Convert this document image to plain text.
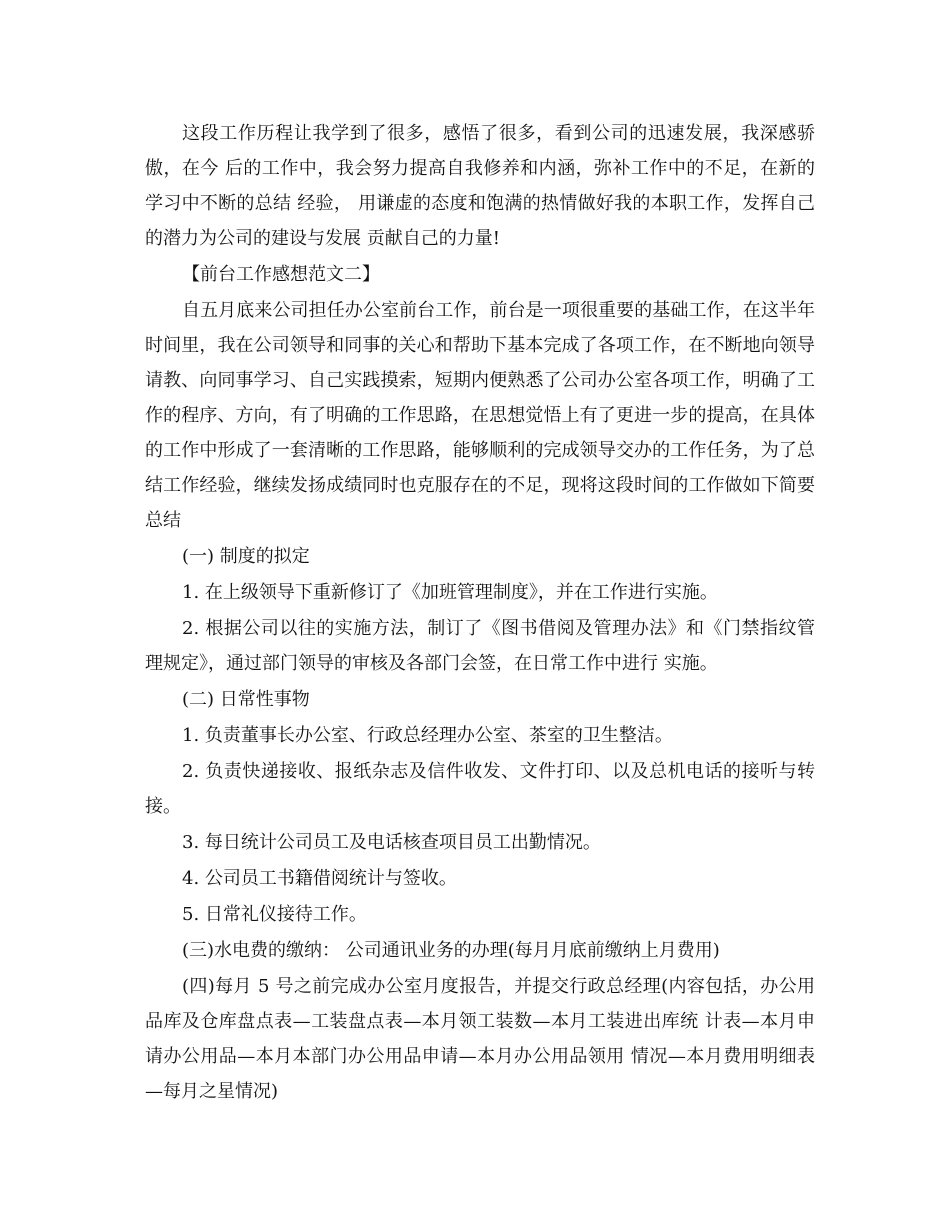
这段工作历程让我学到了很多，感悟了很多，看到公司的迅速发展，我深感骄傲，在今 后的工作中，我会努力提高自我修养和内涵，弥补工作中的不足，在新的学习中不断的总结 经验， 用谦虚的态度和饱满的热情做好我的本职工作，发挥自己的潜力为公司的建设与发展 贡献自己的力量!

【前台工作感想范文二】

自五月底来公司担任办公室前台工作，前台是一项很重要的基础工作，在这半年时间里，我在公司领导和同事的关心和帮助下基本完成了各项工作，在不断地向领导请教、向同事学习、自己实践摸索，短期内便熟悉了公司办公室各项工作，明确了工作的程序、方向，有了明确的工作思路，在思想觉悟上有了更进一步的提高，在具体的工作中形成了一套清晰的工作思路，能够顺利的完成领导交办的工作任务，为了总结工作经验，继续发扬成绩同时也克服存在的不足，现将这段时间的工作做如下简要总结

(一) 制度的拟定

1. 在上级领导下重新修订了《加班管理制度》，并在工作进行实施。

2. 根据公司以往的实施方法，制订了《图书借阅及管理办法》和《门禁指纹管理规定》，通过部门领导的审核及各部门会签，在日常工作中进行 实施。

(二) 日常性事物

1. 负责董事长办公室、行政总经理办公室、茶室的卫生整洁。

2. 负责快递接收、报纸杂志及信件收发、文件打印、以及总机电话的接听与转接。

3. 每日统计公司员工及电话核查项目员工出勤情况。

4. 公司员工书籍借阅统计与签收。

5. 日常礼仪接待工作。

(三)水电费的缴纳： 公司通讯业务的办理(每月月底前缴纳上月费用)

(四)每月 5 号之前完成办公室月度报告，并提交行政总经理(内容包括，办公用品库及仓库盘点表—工装盘点表—本月领工装数—本月工装进出库统 计表—本月申请办公用品—本月本部门办公用品申请—本月办公用品领用 情况—本月费用明细表—每月之星情况)
